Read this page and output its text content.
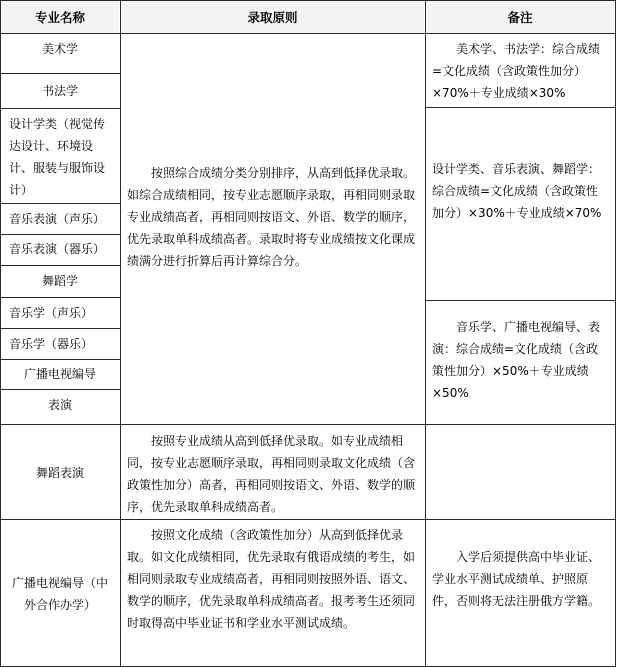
专业名称	录取原则	备注
美术学
书法学
设计学类（视觉传达设计、环境设计、服装与服饰设计）
音乐表演（声乐）
音乐表演（器乐）
舞蹈学
音乐学（声乐）
音乐学（器乐）
广播电视编导
表演
舞蹈表演
广播电视编导（中外合作办学）
按照综合成绩分类分别排序，从高到低择优录取。如综合成绩相同，按专业志愿顺序录取，再相同则录取专业成绩高者，再相同则按语文、外语、数学的顺序，优先录取单科成绩高者。录取时将专业成绩按文化课成绩满分进行折算后再计算综合分。
按照专业成绩从高到低择优录取。如专业成绩相同，按专业志愿顺序录取，再相同则录取文化成绩（含政策性加分）高者，再相同则按语文、外语、数学的顺序，优先录取单科成绩高者。
按照文化成绩（含政策性加分）从高到低择优录取。如文化成绩相同，优先录取有俄语成绩的考生，如相同则录取专业成绩高者，再相同则按照外语、语文、数学的顺序，优先录取单科成绩高者。报考考生还须同时取得高中毕业证书和学业水平测试成绩。
美术学、书法学：综合成绩=文化成绩（含政策性加分）×70%＋专业成绩×30%
设计学类、音乐表演、舞蹈学：综合成绩=文化成绩（含政策性加分）×30%＋专业成绩×70%
音乐学、广播电视编导、表演：综合成绩=文化成绩（含政策性加分）×50%＋专业成绩×50%
入学后须提供高中毕业证、学业水平测试成绩单、护照原件，否则将无法注册俄方学籍。
